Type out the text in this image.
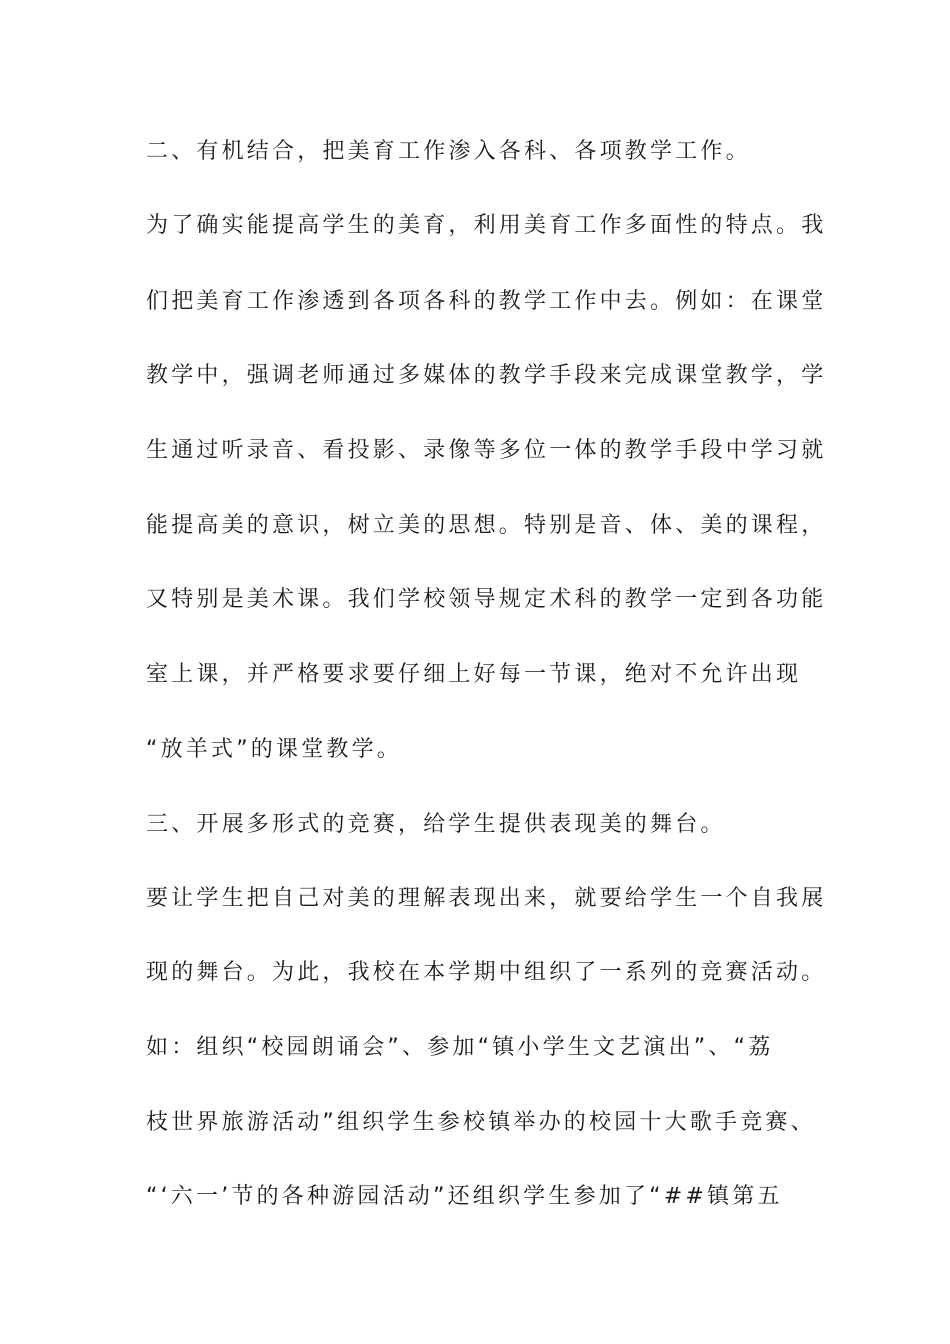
二、有机结合，把美育工作渗入各科、各项教学工作。
为了确实能提高学生的美育，利用美育工作多面性的特点。我
们把美育工作渗透到各项各科的教学工作中去。例如：在课堂
教学中，强调老师通过多媒体的教学手段来完成课堂教学，学
生通过听录音、看投影、录像等多位一体的教学手段中学习就
能提高美的意识，树立美的思想。特别是音、体、美的课程，
又特别是美术课。我们学校领导规定术科的教学一定到各功能
室上课，并严格要求要仔细上好每一节课，绝对不允许出现
“放羊式”的课堂教学。
三、开展多形式的竞赛，给学生提供表现美的舞台。
要让学生把自己对美的理解表现出来，就要给学生一个自我展
现的舞台。为此，我校在本学期中组织了一系列的竞赛活动。
如：组织“校园朗诵会”、参加“镇小学生文艺演出”、“荔
枝世界旅游活动”组织学生参校镇举办的校园十大歌手竞赛、
“‘六一’节的各种游园活动”还组织学生参加了“##镇第五
